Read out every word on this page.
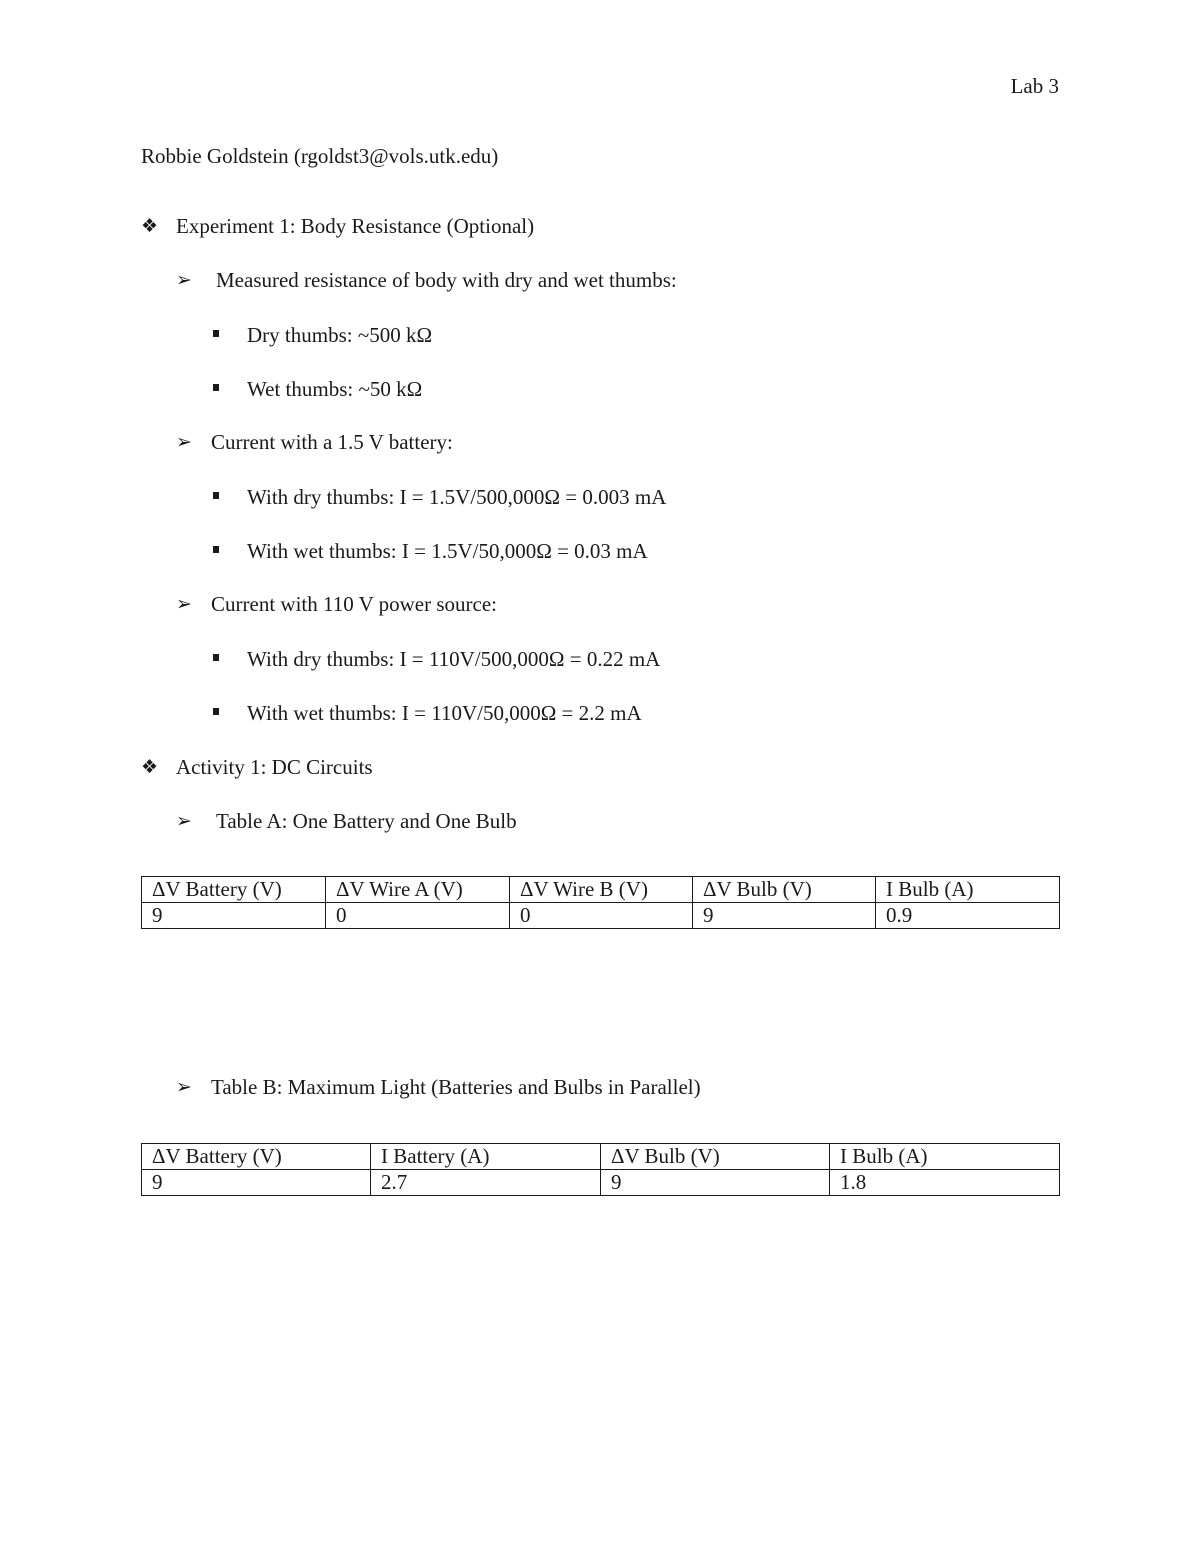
Lab 3
Robbie Goldstein (rgoldst3@vols.utk.edu)
❖ Experiment 1: Body Resistance (Optional)
➢ Measured resistance of body with dry and wet thumbs:
Dry thumbs: ~500 kΩ
Wet thumbs: ~50 kΩ
➢ Current with a 1.5 V battery:
With dry thumbs: I = 1.5V/500,000Ω = 0.003 mA
With wet thumbs: I = 1.5V/50,000Ω = 0.03 mA
➢ Current with 110 V power source:
With dry thumbs: I = 110V/500,000Ω = 0.22 mA
With wet thumbs: I = 110V/50,000Ω = 2.2 mA
❖ Activity 1: DC Circuits
➢ Table A: One Battery and One Bulb
ΔV Battery (V)	ΔV Wire A (V)	ΔV Wire B (V)	ΔV Bulb (V)	I Bulb (A)
9	0	0	9	0.9
➢ Table B: Maximum Light (Batteries and Bulbs in Parallel)
ΔV Battery (V)	I Battery (A)	ΔV Bulb (V)	I Bulb (A)
9	2.7	9	1.8
